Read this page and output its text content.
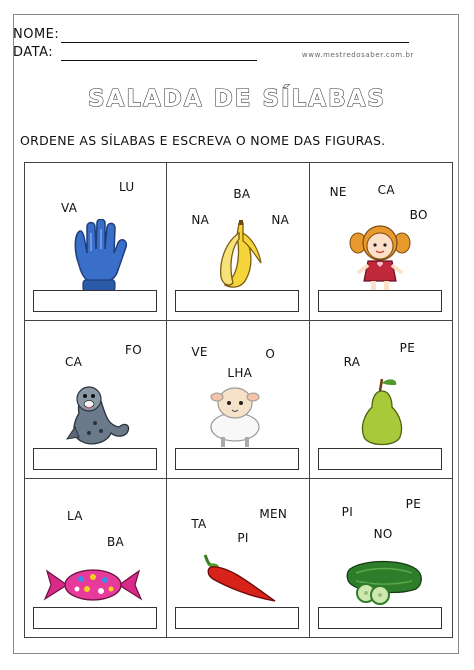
NOME:
DATA:	www.mestredosaber.com.br
SALADA DE SÍLABAS
ORDENE AS SÍLABAS E ESCREVA O NOME DAS FIGURAS.
LU
VA
BA
NA	NA
NE	CA
BO
FO
CA
VE	O
LHA
PE
RA
LA
BA
MEN
TA
PI
PE
PI
NO
